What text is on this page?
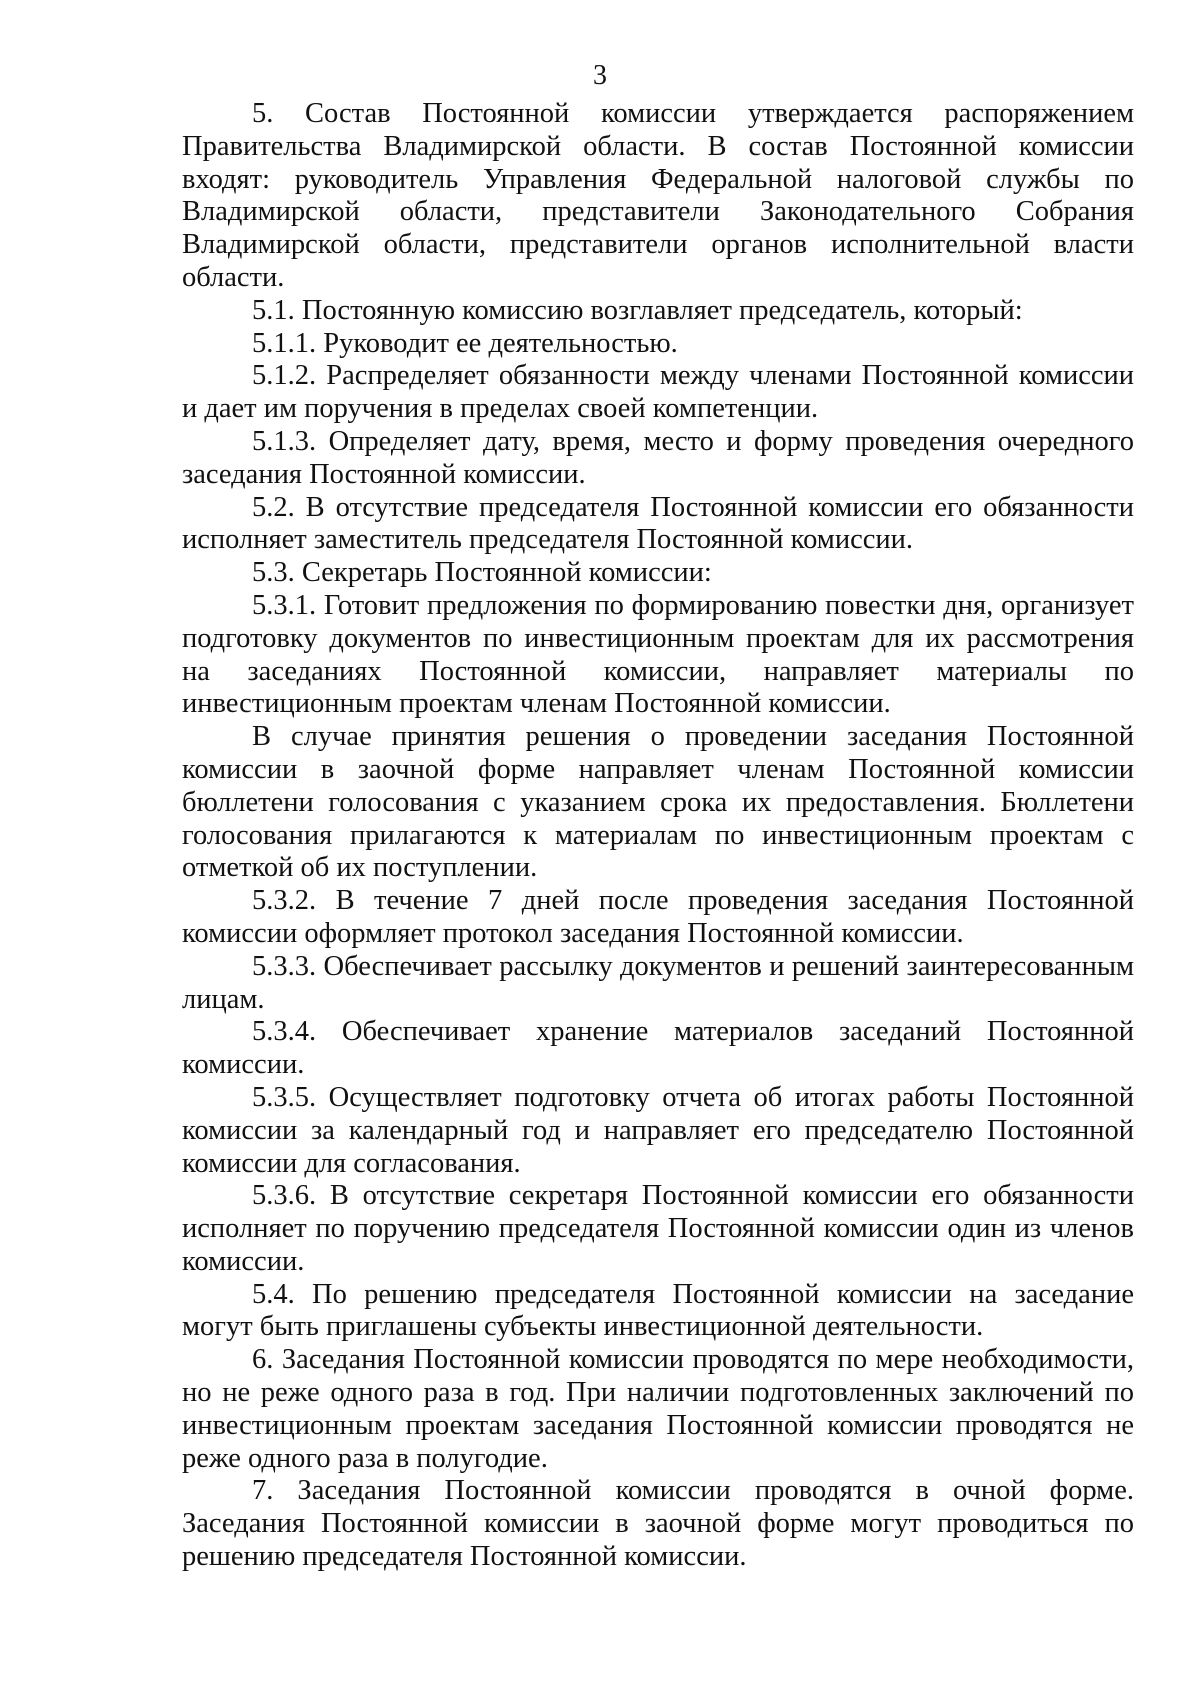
3

5. Состав Постоянной комиссии утверждается распоряжением Правительства Владимирской области. В состав Постоянной комиссии входят: руководитель Управления Федеральной налоговой службы по Владимирской области, представители Законодательного Собрания Владимирской области, представители органов исполнительной власти области.

5.1. Постоянную комиссию возглавляет председатель, который:

5.1.1. Руководит ее деятельностью.

5.1.2. Распределяет обязанности между членами Постоянной комиссии и дает им поручения в пределах своей компетенции.

5.1.3. Определяет дату, время, место и форму проведения очередного заседания Постоянной комиссии.

5.2. В отсутствие председателя Постоянной комиссии его обязанности исполняет заместитель председателя Постоянной комиссии.

5.3. Секретарь Постоянной комиссии:

5.3.1. Готовит предложения по формированию повестки дня, организует подготовку документов по инвестиционным проектам для их рассмотрения на заседаниях Постоянной комиссии, направляет материалы по инвестиционным проектам членам Постоянной комиссии.

В случае принятия решения о проведении заседания Постоянной комиссии в заочной форме направляет членам Постоянной комиссии бюллетени голосования с указанием срока их предоставления. Бюллетени голосования прилагаются к материалам по инвестиционным проектам с отметкой об их поступлении.

5.3.2. В течение 7 дней после проведения заседания Постоянной комиссии оформляет протокол заседания Постоянной комиссии.

5.3.3. Обеспечивает рассылку документов и решений заинтересованным лицам.

5.3.4. Обеспечивает хранение материалов заседаний Постоянной комиссии.

5.3.5. Осуществляет подготовку отчета об итогах работы Постоянной комиссии за календарный год и направляет его председателю Постоянной комиссии для согласования.

5.3.6. В отсутствие секретаря Постоянной комиссии его обязанности исполняет по поручению председателя Постоянной комиссии один из членов комиссии.

5.4. По решению председателя Постоянной комиссии на заседание могут быть приглашены субъекты инвестиционной деятельности.

6. Заседания Постоянной комиссии проводятся по мере необходимости, но не реже одного раза в год. При наличии подготовленных заключений по инвестиционным проектам заседания Постоянной комиссии проводятся не реже одного раза в полугодие.

7. Заседания Постоянной комиссии проводятся в очной форме. Заседания Постоянной комиссии в заочной форме могут проводиться по решению председателя Постоянной комиссии.
